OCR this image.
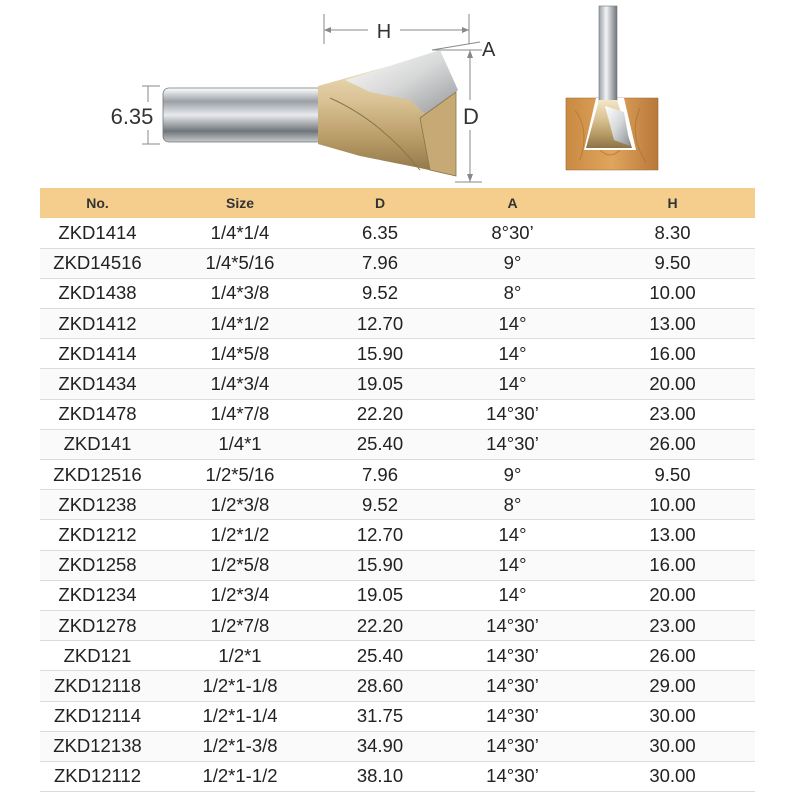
H
A
D
6.35
No.	Size	D	A	H
ZKD1414	1/4*1/4	6.35	8°30’	8.30
ZKD14516	1/4*5/16	7.96	9°	9.50
ZKD1438	1/4*3/8	9.52	8°	10.00
ZKD1412	1/4*1/2	12.70	14°	13.00
ZKD1414	1/4*5/8	15.90	14°	16.00
ZKD1434	1/4*3/4	19.05	14°	20.00
ZKD1478	1/4*7/8	22.20	14°30’	23.00
ZKD141	1/4*1	25.40	14°30’	26.00
ZKD12516	1/2*5/16	7.96	9°	9.50
ZKD1238	1/2*3/8	9.52	8°	10.00
ZKD1212	1/2*1/2	12.70	14°	13.00
ZKD1258	1/2*5/8	15.90	14°	16.00
ZKD1234	1/2*3/4	19.05	14°	20.00
ZKD1278	1/2*7/8	22.20	14°30’	23.00
ZKD121	1/2*1	25.40	14°30’	26.00
ZKD12118	1/2*1-1/8	28.60	14°30’	29.00
ZKD12114	1/2*1-1/4	31.75	14°30’	30.00
ZKD12138	1/2*1-3/8	34.90	14°30’	30.00
ZKD12112	1/2*1-1/2	38.10	14°30’	30.00
